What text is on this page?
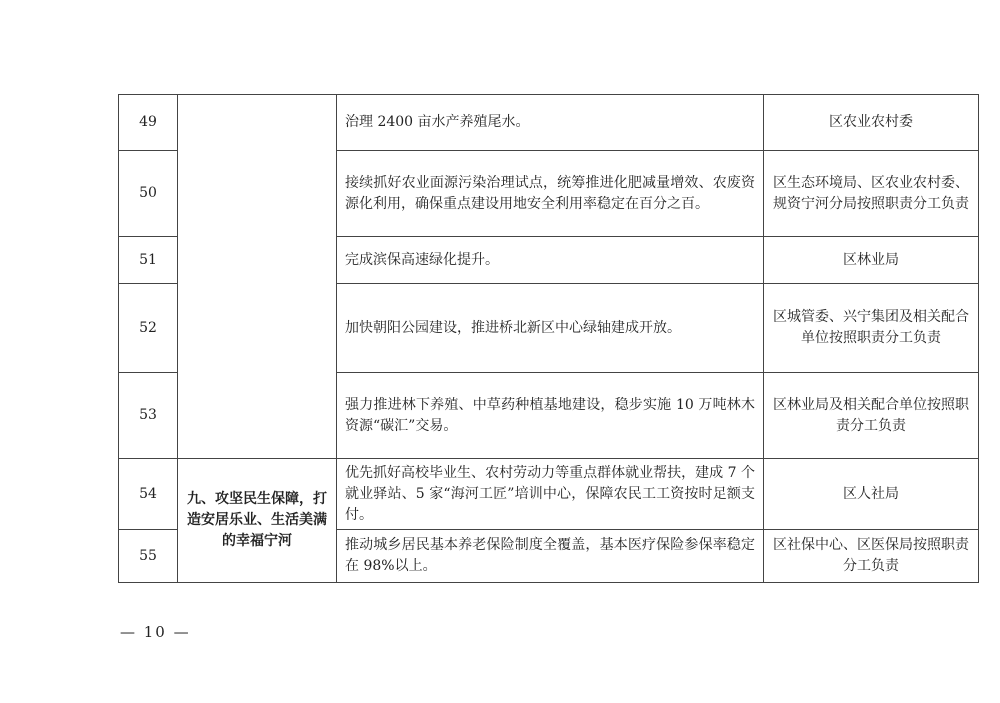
49		治理 2400 亩水产养殖尾水。	区农业农村委
50		接续抓好农业面源污染治理试点，统筹推进化肥减量增效、农废资源化利用，确保重点建设用地安全利用率稳定在百分之百。	区生态环境局、区农业农村委、规资宁河分局按照职责分工负责
51		完成滨保高速绿化提升。	区林业局
52		加快朝阳公园建设，推进桥北新区中心绿轴建成开放。	区城管委、兴宁集团及相关配合单位按照职责分工负责
53		强力推进林下养殖、中草药种植基地建设，稳步实施 10 万吨林木资源“碳汇”交易。	区林业局及相关配合单位按照职责分工负责
54	九、攻坚民生保障，打造安居乐业、生活美满的幸福宁河	优先抓好高校毕业生、农村劳动力等重点群体就业帮扶，建成 7 个就业驿站、5 家“海河工匠”培训中心，保障农民工工资按时足额支付。	区人社局
55		推动城乡居民基本养老保险制度全覆盖，基本医疗保险参保率稳定在 98%以上。	区社保中心、区医保局按照职责分工负责
— 10 —
